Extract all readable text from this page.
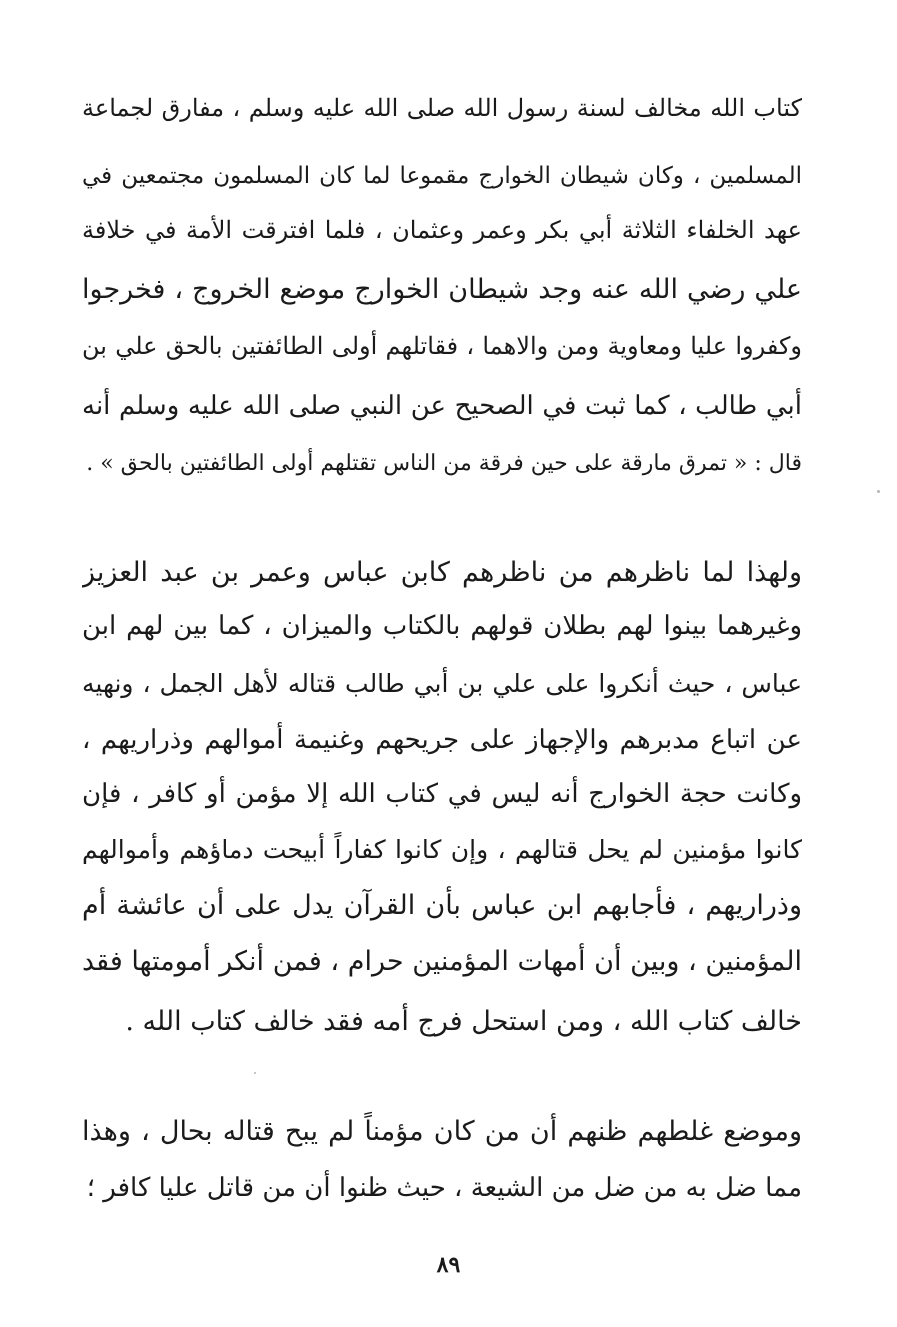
كتاب الله مخالف لسنة رسول الله صلى الله عليه وسلم ، مفارق لجماعة
المسلمين ، وكان شيطان الخوارج مقموعا لما كان المسلمون مجتمعين في
عهد الخلفاء الثلاثة أبي بكر وعمر وعثمان ، فلما افترقت الأمة في خلافة
علي رضي الله عنه وجد شيطان الخوارج موضع الخروج ، فخرجوا
وكفروا عليا ومعاوية ومن والاهما ، فقاتلهم أولى الطائفتين بالحق علي بن
أبي طالب ، كما ثبت في الصحيح عن النبي صلى الله عليه وسلم أنه
قال : « تمرق مارقة على حين فرقة من الناس تقتلهم أولى الطائفتين بالحق » .
ولهذا لما ناظرهم من ناظرهم كابن عباس وعمر بن عبد العزيز
وغيرهما بينوا لهم بطلان قولهم بالكتاب والميزان ، كما بين لهم ابن
عباس ، حيث أنكروا على علي بن أبي طالب قتاله لأهل الجمل ، ونهيه
عن اتباع مدبرهم والإجهاز على جريحهم وغنيمة أموالهم وذراريهم ،
وكانت حجة الخوارج أنه ليس في كتاب الله إلا مؤمن أو كافر ، فإن
كانوا مؤمنين لم يحل قتالهم ، وإن كانوا كفاراً أبيحت دماؤهم وأموالهم
وذراريهم ، فأجابهم ابن عباس بأن القرآن يدل على أن عائشة أم
المؤمنين ، وبين أن أمهات المؤمنين حرام ، فمن أنكر أمومتها فقد
خالف كتاب الله ، ومن استحل فرج أمه فقد خالف كتاب الله .
وموضع غلطهم ظنهم أن من كان مؤمناً لم يبح قتاله بحال ، وهذا
مما ضل به من ضل من الشيعة ، حيث ظنوا أن من قاتل عليا كافر ؛
٨٩
